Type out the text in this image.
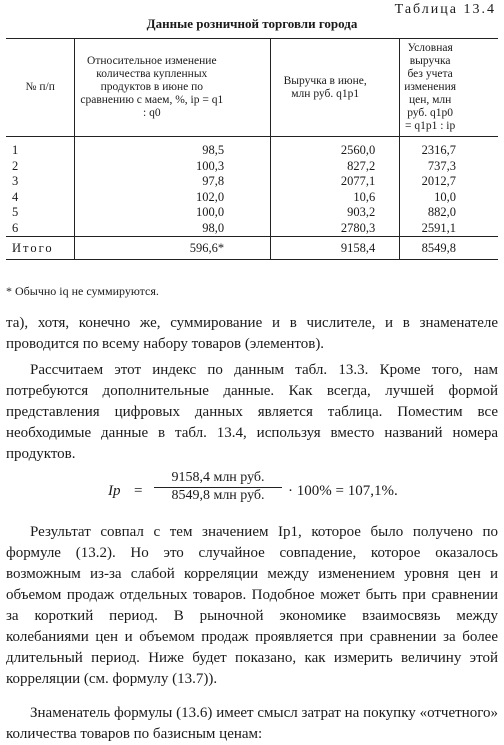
Таблица 13.4
Данные розничной торговли города
№ п/п	Относительное изменение количества купленных продуктов в июне по сравнению с маем, %, ip = q1 : q0	Выручка в июне, млн руб. q1p1	Условная выручка без учета изменения цен, млн руб. q1p0 = q1p1 : ip
1	98,5	2560,0	2316,7
2	100,3	827,2	737,3
3	97,8	2077,1	2012,7
4	102,0	10,6	10,0
5	100,0	903,2	882,0
6	98,0	2780,3	2591,1
Итого	596,6*	9158,4	8549,8
* Обычно iq не суммируются.

та), хотя, конечно же, суммирование и в числителе, и в знаменателе проводится по всему набору товаров (элементов).

Рассчитаем этот индекс по данным табл. 13.3. Кроме того, нам потребуются дополнительные данные. Как всегда, лучшей формой представления цифровых данных является таблица. Поместим все необходимые данные в табл. 13.4, используя вместо названий номера продуктов.

Ip =
9158,4 млн руб.
8549,8 млн руб.	· 100% = 107,1%.

Результат совпал с тем значением Ip1, которое было получено по формуле (13.2). Но это случайное совпадение, которое оказалось возможным из-за слабой корреляции между изменением уровня цен и объемом продаж отдельных товаров. Подобное может быть при сравнении за короткий период. В рыночной экономике взаимосвязь между колебаниями цен и объемом продаж проявляется при сравнении за более длительный период. Ниже будет показано, как измерить величину этой корреляции (см. формулу (13.7)).

Знаменатель формулы (13.6) имеет смысл затрат на покупку «отчетного» количества товаров по базисным ценам:
